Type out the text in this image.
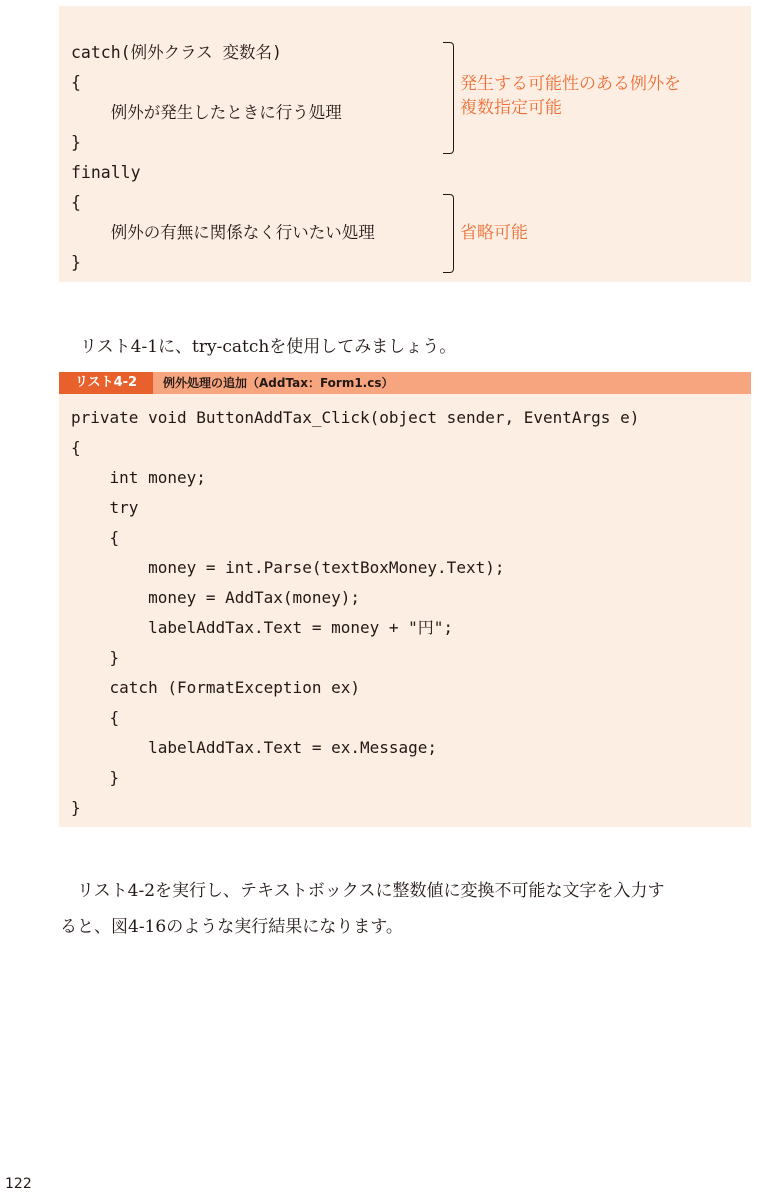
catch(例外クラス 変数名)
{
例外が発生したときに行う処理
}
finally
{
例外の有無に関係なく行いたい処理
}
発生する可能性のある例外を
複数指定可能
省略可能
リスト4-1に、try-catchを使用してみましょう。
リスト4-2	例外処理の追加（AddTax：Form1.cs）
private void ButtonAddTax_Click(object sender, EventArgs e)
{
int money;
try
{
money = int.Parse(textBoxMoney.Text);
money = AddTax(money);
labelAddTax.Text = money + "円";
}
catch (FormatException ex)
{
labelAddTax.Text = ex.Message;
}
}
　リスト4-2を実行し、テキストボックスに整数値に変換不可能な文字を入力す
ると、図4-16のような実行結果になります。
122
